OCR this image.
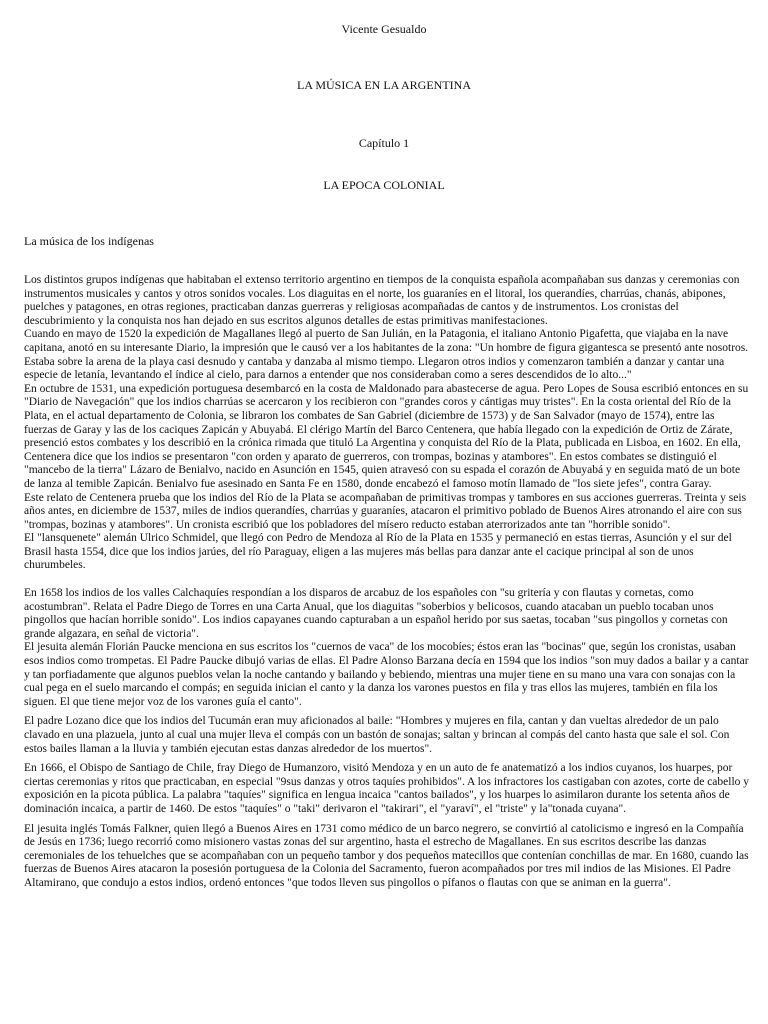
Vicente Gesualdo

LA MÚSICA EN LA ARGENTINA

Capítulo 1

LA EPOCA COLONIAL

La música de los indígenas

Los distintos grupos indígenas que habitaban el extenso territorio argentino en tiempos de la conquista española acompañaban sus danzas y ceremonias con instrumentos musicales y cantos y otros sonidos vocales. Los diaguitas en el norte, los guaraníes en el litoral, los querandíes, charrúas, chanás, abipones, puelches y patagones, en otras regiones, practicaban danzas guerreras y religiosas acompañadas de cantos y de instrumentos. Los cronistas del descubrimiento y la conquista nos han dejado en sus escritos algunos detalles de estas primitivas manifestaciones.

Cuando en mayo de 1520 la expedición de Magallanes llegó al puerto de San Julián, en la Patagonia, el italiano Antonio Pigafetta, que viajaba en la nave capitana, anotó en su interesante Diario, la impresión que le causó ver a los habitantes de la zona: "Un hombre de figura gigantesca se presentó ante nosotros. Estaba sobre la arena de la playa casi desnudo y cantaba y danzaba al mismo tiempo. Llegaron otros indios y comenzaron también a danzar y cantar una especie de letanía, levantando el índice al cielo, para darnos a entender que nos consideraban como a seres descendidos de lo alto..."

En octubre de 1531, una expedición portuguesa desembarcó en la costa de Maldonado para abastecerse de agua. Pero Lopes de Sousa escribió entonces en su "Diario de Navegación" que los indios charrúas se acercaron y los recibieron con "grandes coros y cántigas muy tristes". En la costa oriental del Río de la Plata, en el actual departamento de Colonia, se libraron los combates de San Gabriel (diciembre de 1573) y de San Salvador (mayo de 1574), entre las fuerzas de Garay y las de los caciques Zapicán y Abuyabá. El clérigo Martín del Barco Centenera, que había llegado con la expedición de Ortiz de Zárate, presenció estos combates y los describió en la crónica rimada que tituló La Argentina y conquista del Río de la Plata, publicada en Lisboa, en 1602. En ella, Centenera dice que los indios se presentaron "con orden y aparato de guerreros, con trompas, bozinas y atambores". En estos combates se distinguió el "mancebo de la tierra" Lázaro de Benialvo, nacido en Asunción en 1545, quien atravesó con su espada el corazón de Abuyabá y en seguida mató de un bote de lanza al temible Zapicán. Benialvo fue asesinado en Santa Fe en 1580, donde encabezó el famoso motín llamado de "los siete jefes", contra Garay.

Este relato de Centenera prueba que los indios del Río de la Plata se acompañaban de primitivas trompas y tambores en sus acciones guerreras. Treinta y seis años antes, en diciembre de 1537, miles de indios querandíes, charrúas y guaraníes, atacaron el primitivo poblado de Buenos Aires atronando el aire con sus "trompas, bozinas y atambores". Un cronista escribió que los pobladores del mísero reducto estaban aterrorizados ante tan "horrible sonido".

El "lansquenete" alemán Ulrico Schmidel, que llegó con Pedro de Mendoza al Río de la Plata en 1535 y permaneció en estas tierras, Asunción y el sur del Brasil hasta 1554, dice que los indios jarúes, del río Paraguay, eligen a las mujeres más bellas para danzar ante el cacique principal al son de unos churumbeles.

En 1658 los indios de los valles Calchaquíes respondían a los disparos de arcabuz de los españoles con "su gritería y con flautas y cornetas, como acostumbran". Relata el Padre Diego de Torres en una Carta Anual, que los diaguitas "soberbios y belicosos, cuando atacaban un pueblo tocaban unos pingollos que hacían horrible sonido". Los indios capayanes cuando capturaban a un español herido por sus saetas, tocaban "sus pingollos y cornetas con grande algazara, en señal de victoria".

El jesuita alemán Florián Paucke menciona en sus escritos los "cuernos de vaca" de los mocobíes; éstos eran las "bocinas" que, según los cronistas, usaban esos indios como trompetas. El Padre Paucke dibujó varias de ellas. El Padre Alonso Barzana decía en 1594 que los indios "son muy dados a bailar y a cantar y tan porfiadamente que algunos pueblos velan la noche cantando y bailando y bebiendo, mientras una mujer tiene en su mano una vara con sonajas con la cual pega en el suelo marcando el compás; en seguida inician el canto y la danza los varones puestos en fila y tras ellos las mujeres, también en fila los siguen. El que tiene mejor voz de los varones guía el canto".

El padre Lozano dice que los indios del Tucumán eran muy aficionados al baile: "Hombres y mujeres en fila, cantan y dan vueltas alrededor de un palo clavado en una plazuela, junto al cual una mujer lleva el compás con un bastón de sonajas; saltan y brincan al compás del canto hasta que sale el sol. Con estos bailes llaman a la lluvia y también ejecutan estas danzas alrededor de los muertos".

En 1666, el Obispo de Santiago de Chile, fray Diego de Humanzoro, visitó Mendoza y en un auto de fe anatematizó a los indios cuyanos, los huarpes, por ciertas ceremonias y ritos que practicaban, en especial "9sus danzas y otros taquíes prohibidos". A los infractores los castigaban con azotes, corte de cabello y exposición en la picota pública. La palabra "taquíes" significa en lengua incaica "cantos bailados", y los huarpes lo asimilaron durante los setenta años de dominación incaica, a partir de 1460. De estos "taquíes" o "taki" derivaron el "takirari", el "yaraví", el "triste" y la"tonada cuyana".

El jesuita inglés Tomás Falkner, quien llegó a Buenos Aires en 1731 como médico de un barco negrero, se convirtió al catolicismo e ingresó en la Compañía de Jesús en 1736; luego recorrió como misionero vastas zonas del sur argentino, hasta el estrecho de Magallanes. En sus escritos describe las danzas ceremoniales de los tehuelches que se acompañaban con un pequeño tambor y dos pequeños matecillos que contenían conchillas de mar. En 1680, cuando las fuerzas de Buenos Aires atacaron la posesión portuguesa de la Colonia del Sacramento, fueron acompañados por tres mil indios de las Misiones. El Padre Altamirano, que condujo a estos indios, ordenó entonces "que todos lleven sus pingollos o pífanos o flautas con que se animan en la guerra".
